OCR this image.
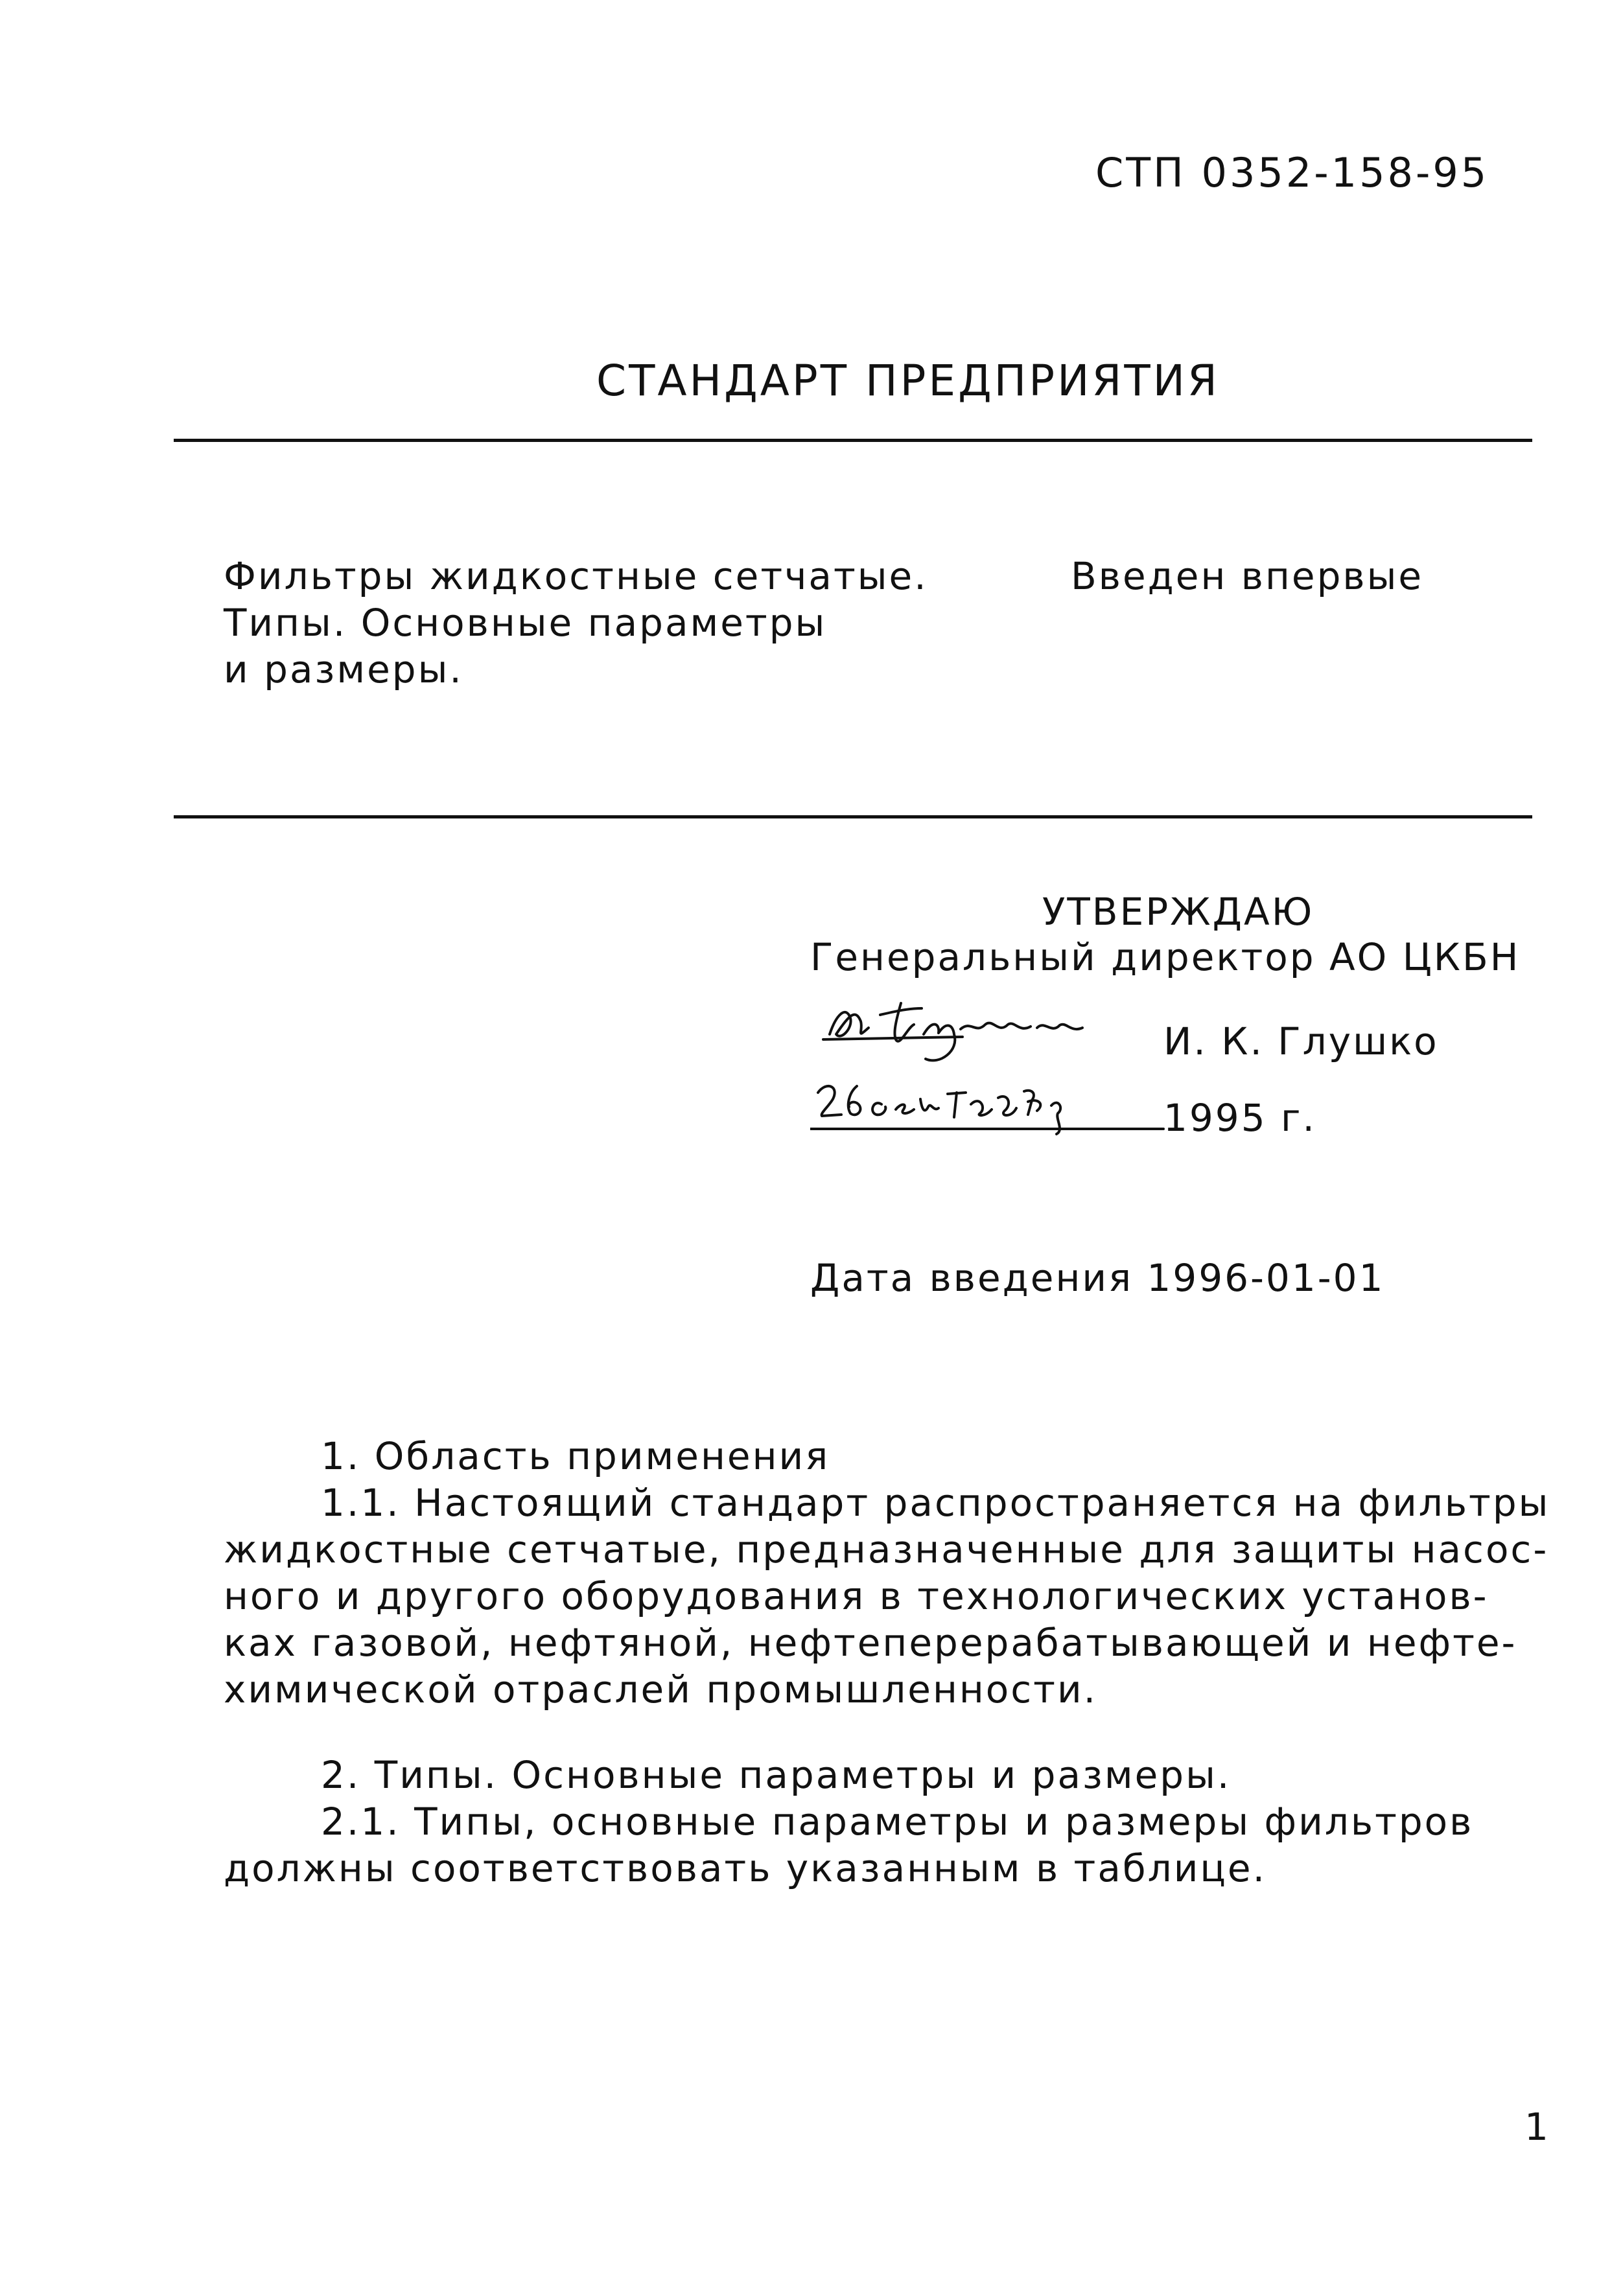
СТП 0352-158-95
СТАНДАРТ ПРЕДПРИЯТИЯ
Фильтры жидкостные сетчатые.
Типы. Основные параметры
и размеры.
Введен впервые
УТВЕРЖДАЮ
Генеральный директор АО ЦКБН
И. К. Глушко
1995 г.
Дата введения 1996-01-01
1. Область применения
1.1. Настоящий стандарт распространяется на фильтры
жидкостные сетчатые, предназначенные для защиты насос-
ного и другого оборудования в технологических установ-
ках газовой, нефтяной, нефтеперерабатывающей и нефте-
химической отраслей промышленности.
2. Типы. Основные параметры и размеры.
2.1. Типы, основные параметры и размеры фильтров
должны соответствовать указанным в таблице.
1
